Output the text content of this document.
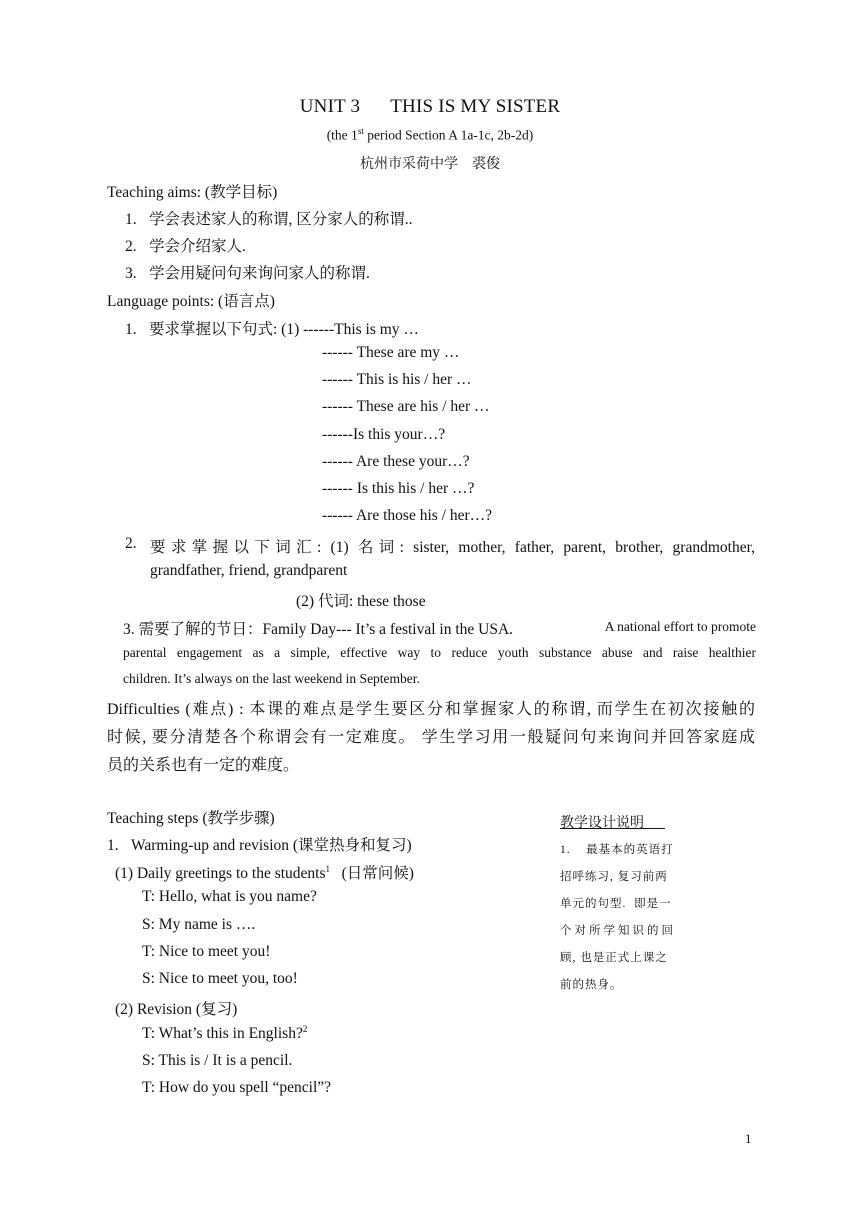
UNIT 3 THIS IS MY SISTER
(the 1st period Section A 1a-1c, 2b-2d)
杭州市采荷中学 裘俊
Teaching aims: (教学目标)
1. 学会表述家人的称谓, 区分家人的称谓..
2. 学会介绍家人.
3. 学会用疑问句来询问家人的称谓.
Language points: (语言点)
1. 要求掌握以下句式: (1) ------This is my …
------ These are my …
------ This is his / her …
------ These are his / her …
------Is this your…?
------ Are these your…?
------ Is this his / her …?
------ Are those his / her…?
2. 要求掌握以下词汇: (1) 名词: sister, mother, father, parent, brother, grandmother,
grandfather, friend, grandparent
(2) 代词: these those
3. 需要了解的节日：Family Day--- It’s a festival in the USA.	A national effort to promote
parental engagement as a simple, effective way to reduce youth substance abuse and raise healthier
children. It’s always on the last weekend in September.
Difficulties (难点) : 本课的难点是学生要区分和掌握家人的称谓, 而学生在初次接触的
时候, 要分清楚各个称谓会有一定难度。 学生学习用一般疑问句来询问并回答家庭成
员的关系也有一定的难度。
Teaching steps (教学步骤)
1. Warming-up and revision (课堂热身和复习)
(1) Daily greetings to the students$^1$   (日常问候)
T: Hello, what is you name?
S: My name is ….
T: Nice to meet you!
S: Nice to meet you, too!
(2) Revision (复习)
T: What’s this in English?$^2$
S: This is / It is a pencil.
T: How do you spell “pencil”?
教学设计说明
1.    最基本的英语打
招呼练习, 复习前两
单元的句型.  即是一
个对所学知识的回
顾, 也是正式上课之
前的热身。
1
